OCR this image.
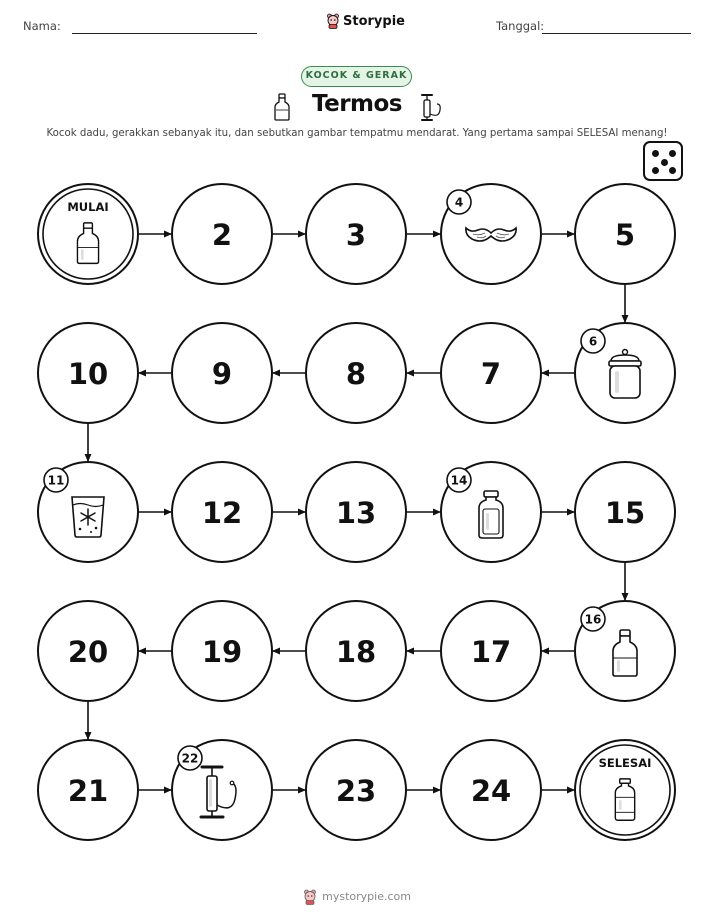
Nama:	Storypie	Tanggal:
KOCOK & GERAK
Termos
Kocok dadu, gerakkan sebanyak itu, dan sebutkan gambar tempatmu mendarat. Yang pertama sampai SELESAI menang!
MULAI
2	3
4
5
6
7
8
9
10
11
12	13
14
15
16
17
18
19
20
21
22
23	24
SELESAI
mystorypie.com
